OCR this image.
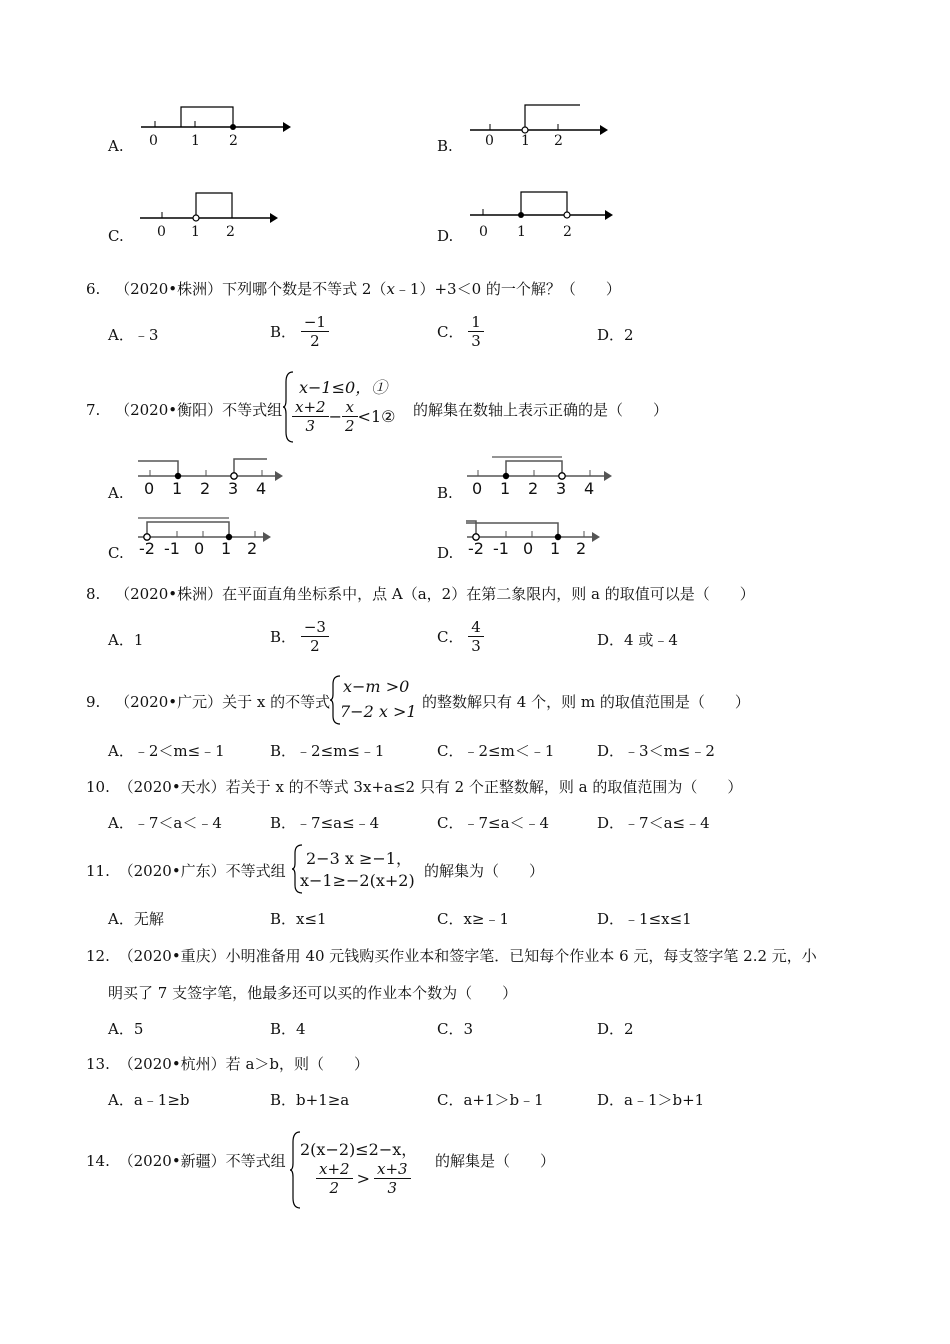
A. 0 1 2	B. 0 1 2
C. 0 1 2	D. 0 1	2
6. （2020•株洲）下列哪个数是不等式 2（x﹣1）+3＜0 的一个解？（　　）
A．﹣3	B． $\frac{-1}{2}$	C． $\frac{1}{3}$	D．2
7. （2020•衡阳）不等式组
x−1≤0，①
$\frac{x+2}{3} - \frac{x}{2}$ <1② 的解集在数轴上表示正确的是（　　）
A. 0 1 2 3 4	B. 0 1 2 3 4
C. -2 -1 0 1 2	D. -2 -1 0 1 2
8. （2020•株洲）在平面直角坐标系中，点 A（a，2）在第二象限内，则 a 的取值可以是（　　）
A．1	B． $\frac{-3}{2}$	C． $\frac{4}{3}$	D．4 或﹣4
9. （2020•广元）关于 x 的不等式
x−m >0
7−2 x >1 的整数解只有 4 个，则 m 的取值范围是（　　）
A．﹣2＜m≤﹣1	B．﹣2≤m≤﹣1	C．﹣2≤m＜﹣1	D．﹣3＜m≤﹣2
10. （2020•天水）若关于 x 的不等式 3x+a≤2 只有 2 个正整数解，则 a 的取值范围为（　　）
A．﹣7＜a＜﹣4	B．﹣7≤a≤﹣4	C．﹣7≤a＜﹣4	D．﹣7＜a≤﹣4
11. （2020•广东）不等式组
2−3 x ≥−1，
x−1≥−2(x+2) 的解集为（　　）
A．无解	B．x≤1	C．x≥﹣1	D．﹣1≤x≤1
12. （2020•重庆）小明准备用 40 元钱购买作业本和签字笔．已知每个作业本 6 元，每支签字笔 2.2 元，小
明买了 7 支签字笔，他最多还可以买的作业本个数为（　　）
A．5	B．4	C．3	D．2
13. （2020•杭州）若 a＞b，则（　　）
A．a﹣1≥b	B．b+1≥a	C．a+1＞b﹣1	D．a﹣1＞b+1
14. （2020•新疆）不等式组
2(x−2)≤2−x，
$\frac{x+2}{2} > \frac{x+3}{3}$ 的解集是（　　）
